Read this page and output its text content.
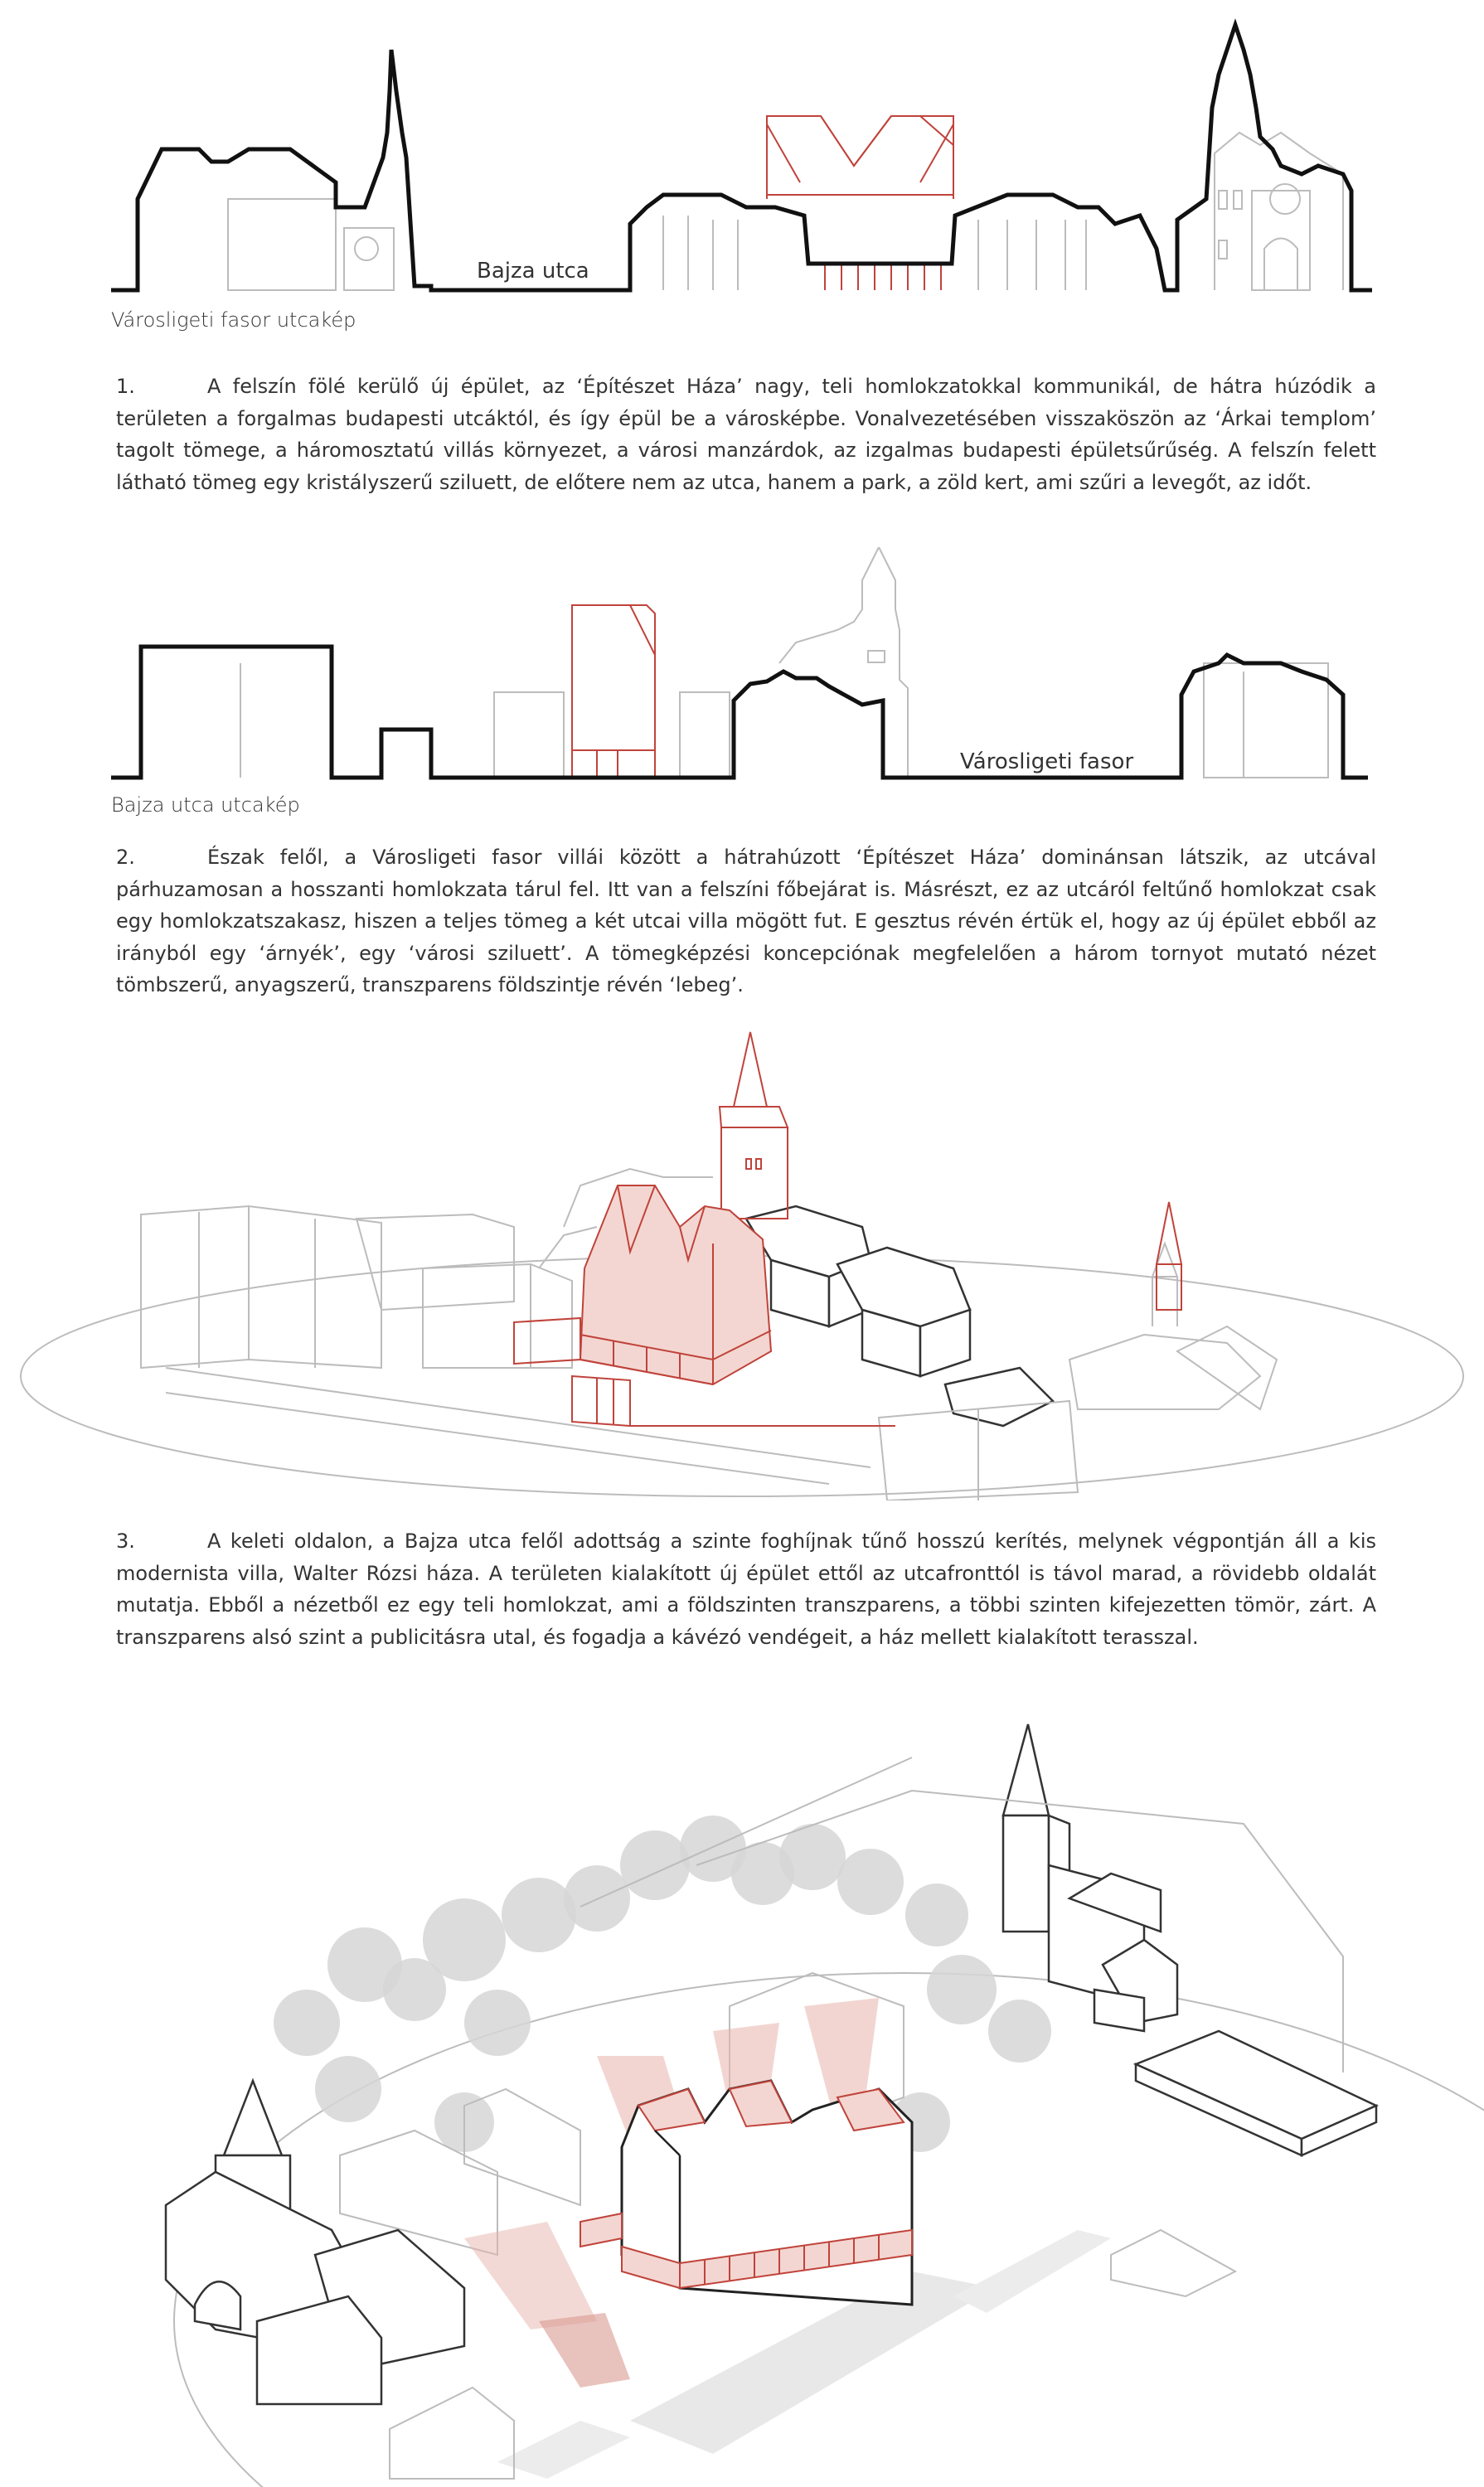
Bajza utca
Városligeti fasor utcakép
1.	A felszín fölé kerülő új épület, az ‘Építészet Háza’ nagy, teli homlokzatokkal kommunikál, de hátra húzódik a területen a forgalmas budapesti utcáktól, és így épül be a városképbe. Vonalvezetésében visszaköszön az ‘Árkai templom’ tagolt tömege, a háromosztatú villás környezet, a városi manzárdok, az izgalmas budapesti épületsűrűség. A felszín felett látható tömeg egy kristályszerű sziluett, de előtere nem az utca, hanem a park, a zöld kert, ami szűri a levegőt, az időt.
Városligeti fasor
Bajza utca utcakép
2.	Észak felől, a Városligeti fasor villái között a hátrahúzott ‘Építészet Háza’ dominánsan látszik, az utcával párhuzamosan a hosszanti homlokzata tárul fel. Itt van a felszíni főbejárat is. Másrészt, ez az utcáról feltűnő homlokzat csak egy homlokzatszakasz, hiszen a teljes tömeg a két utcai villa mögött fut. E gesztus révén értük el, hogy az új épület ebből az irányból egy ‘árnyék’, egy ‘városi sziluett’. A tömegképzési koncepciónak megfelelően a három tornyot mutató nézet tömbszerű, anyagszerű, transzparens földszintje révén ‘lebeg’.
3.	A keleti oldalon, a Bajza utca felől adottság a szinte foghíjnak tűnő hosszú kerítés, melynek végpontján áll a kis modernista villa, Walter Rózsi háza. A területen kialakított új épület ettől az utcafronttól is távol marad, a rövidebb oldalát mutatja. Ebből a nézetből ez egy teli homlokzat, ami a földszinten transzparens, a többi szinten kifejezetten tömör, zárt. A transzparens alsó szint a publicitásra utal, és fogadja a kávézó vendégeit, a ház mellett kialakított terasszal.
